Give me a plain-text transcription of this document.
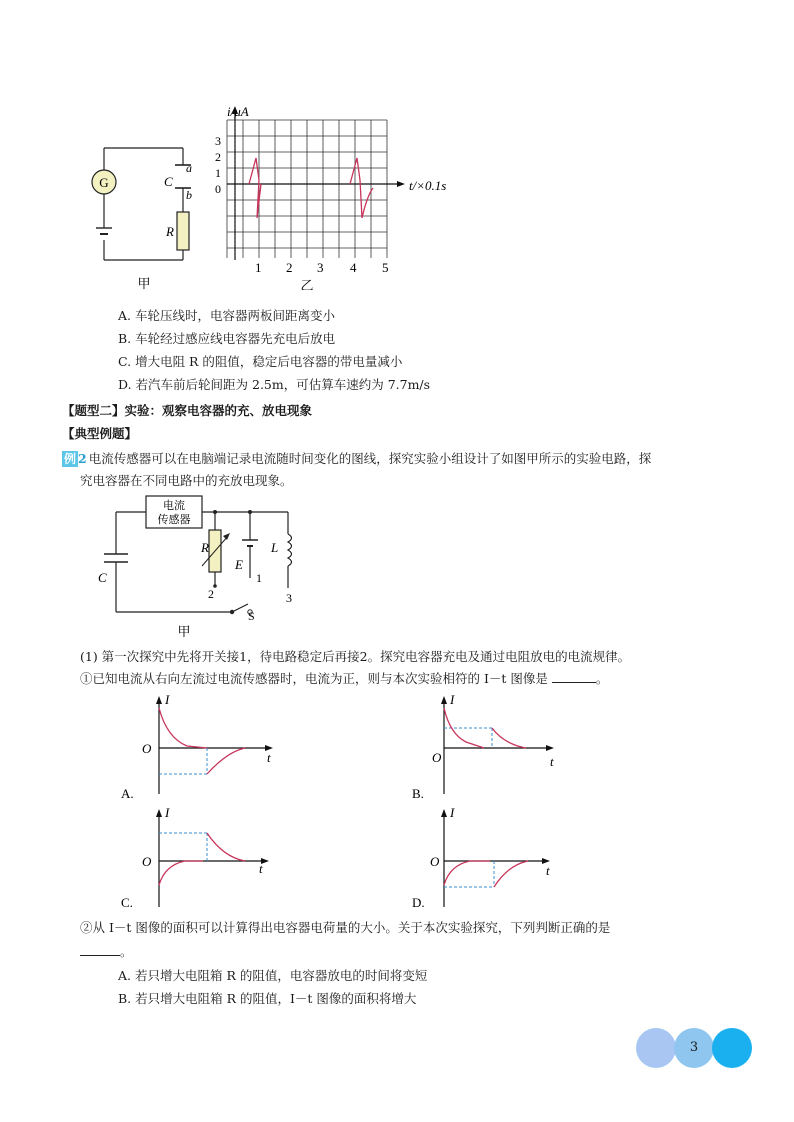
G
R
C
a
b
甲
i/μA
t/×0.1s
3
2
1
0
1 2 3 4 5
乙
A. 车轮压线时，电容器两板间距离变小
B. 车轮经过感应线电容器先充电后放电
C. 增大电阻 R 的阻值，稳定后电容器的带电量减小
D. 若汽车前后轮间距为 2.5m，可估算车速约为 7.7m/s
【题型二】实验：观察电容器的充、放电现象
【典型例题】
例 2 电流传感器可以在电脑端记录电流随时间变化的图线，探究实验小组设计了如图甲所示的实验电路，探
究电容器在不同电路中的充放电现象。
电流
传感器
R
E
L
C
2
1
3
S
甲
(1) 第一次探究中先将开关接1，待电路稳定后再接2。探究电容器充电及通过电阻放电的电流规律。
①已知电流从右向左流过电流传感器时，电流为正，则与本次实验相符的 I－t 图像是	。
I
O
t
A.
I
O	t
B.
I
O	t
C.
I
O
t
D.
②从 I－t 图像的面积可以计算得出电容器电荷量的大小。关于本次实验探究，下列判断正确的是
。
A. 若只增大电阻箱 R 的阻值，电容器放电的时间将变短
B. 若只增大电阻箱 R 的阻值，I－t 图像的面积将增大
3
